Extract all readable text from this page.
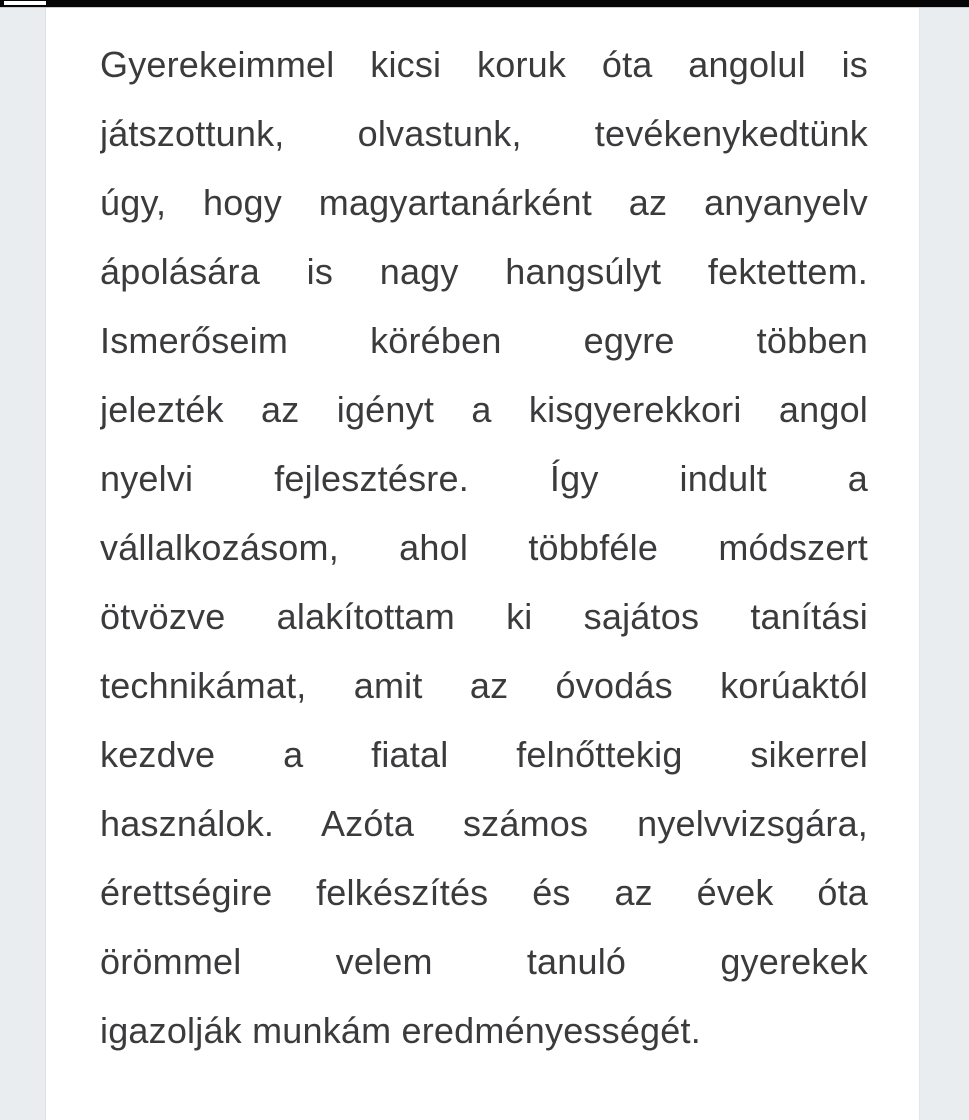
Gyerekeimmel kicsi koruk óta angolul is
játszottunk, olvastunk, tevékenykedtünk
úgy, hogy magyartanárként az anyanyelv
ápolására is nagy hangsúlyt fektettem.
Ismerőseim körében egyre többen
jelezték az igényt a kisgyerekkori angol
nyelvi fejlesztésre. Így indult a
vállalkozásom, ahol többféle módszert
ötvözve alakítottam ki sajátos tanítási
technikámat, amit az óvodás korúaktól
kezdve a fiatal felnőttekig sikerrel
használok. Azóta számos nyelvvizsgára,
érettségire felkészítés és az évek óta
örömmel velem tanuló gyerekek
igazolják munkám eredményességét.
